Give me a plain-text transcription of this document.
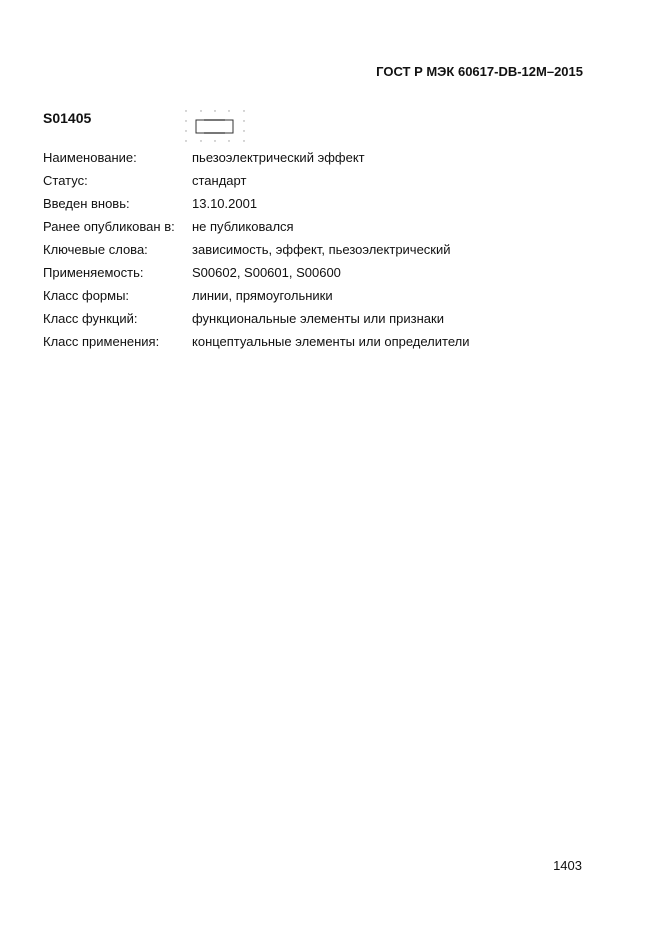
ГОСТ Р МЭК 60617-DB-12M–2015
S01405
Наименование:	пьезоэлектрический эффект
Статус:	стандарт
Введен вновь:	13.10.2001
Ранее опубликован в:	не публиковался
Ключевые слова:	зависимость, эффект, пьезоэлектрический
Применяемость:	S00602, S00601, S00600
Класс формы:	линии, прямоугольники
Класс функций:	функциональные элементы или признаки
Класс применения:	концептуальные элементы или определители
1403
